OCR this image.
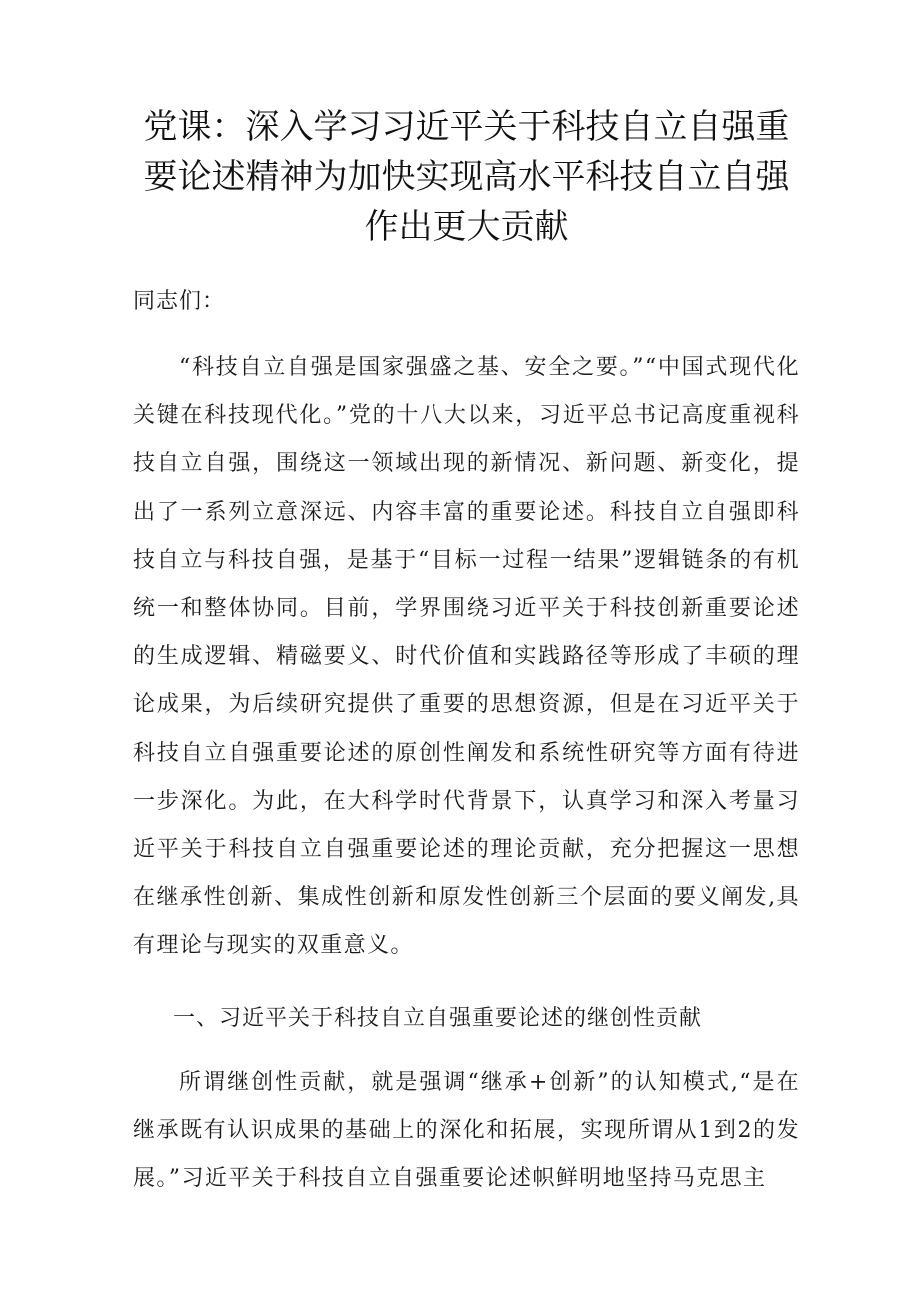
党课：深入学习习近平关于科技自立自强重要论述精神为加快实现高水平科技自立自强作出更大贡献

同志们：

“科技自立自强是国家强盛之基、安全之要。”“中国式现代化关键在科技现代化。”党的十八大以来，习近平总书记高度重视科技自立自强，围绕这一领域出现的新情况、新问题、新变化，提出了一系列立意深远、内容丰富的重要论述。科技自立自强即科技自立与科技自强，是基于“目标一过程一结果”逻辑链条的有机统一和整体协同。目前，学界围绕习近平关于科技创新重要论述的生成逻辑、精磁要义、时代价值和实践路径等形成了丰硕的理论成果，为后续研究提供了重要的思想资源，但是在习近平关于科技自立自强重要论述的原创性阐发和系统性研究等方面有待进一步深化。为此，在大科学时代背景下，认真学习和深入考量习近平关于科技自立自强重要论述的理论贡献，充分把握这一思想在继承性创新、集成性创新和原发性创新三个层面的要义阐发,具有理论与现实的双重意义。

一、习近平关于科技自立自强重要论述的继创性贡献

所谓继创性贡献，就是强调“继承+创新”的认知模式,“是在继承既有认识成果的基础上的深化和拓展，实现所谓从1到2的发展。”习近平关于科技自立自强重要论述帜鲜明地坚持马克思主
